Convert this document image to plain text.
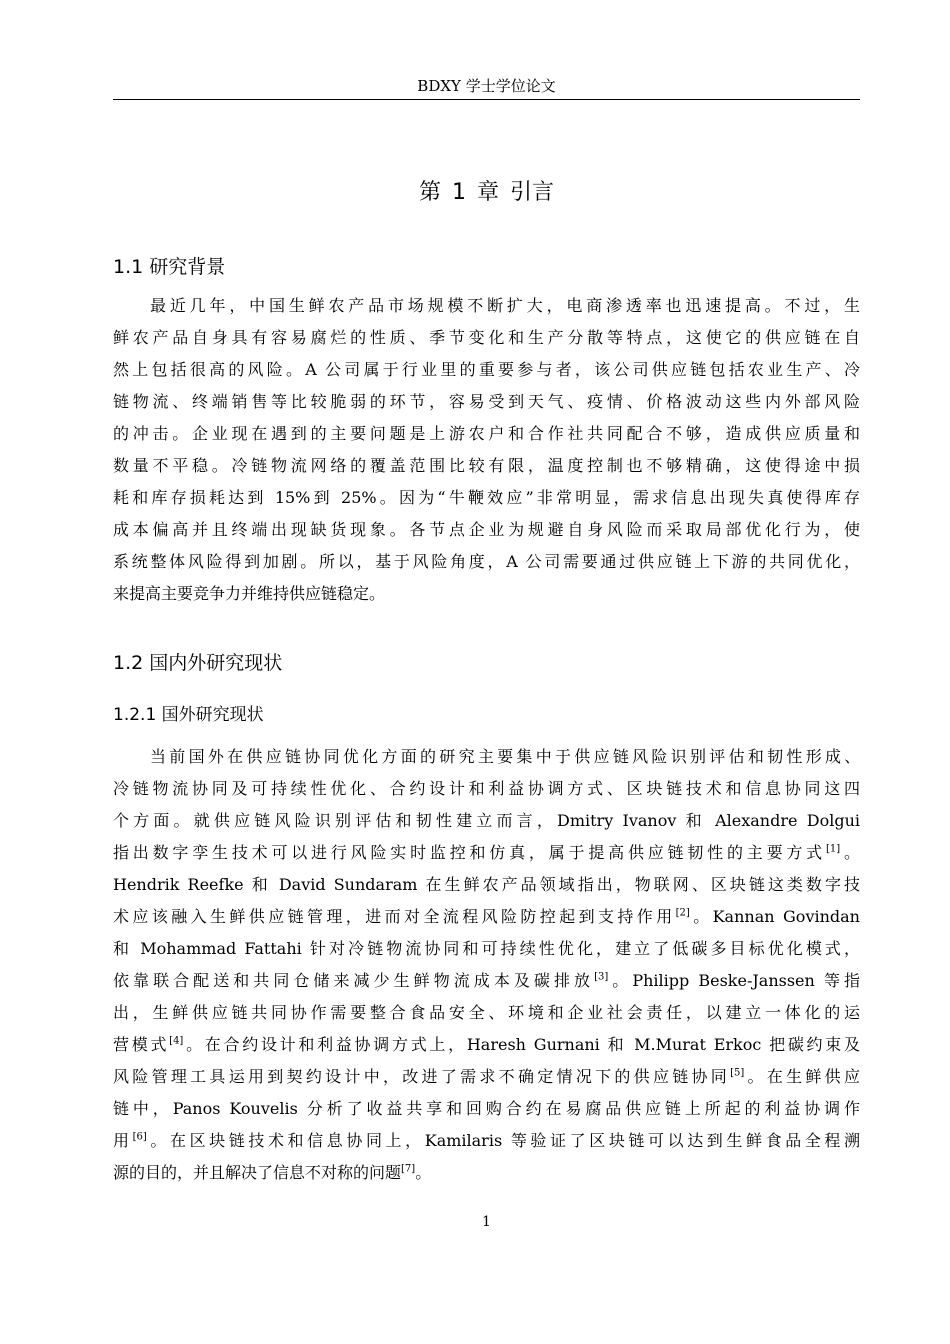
BDXY 学士学位论文
第 1 章 引言
1.1 研究背景
最近几年，中国生鲜农产品市场规模不断扩大，电商渗透率也迅速提高。不过，生
鲜农产品自身具有容易腐烂的性质、季节变化和生产分散等特点，这使它的供应链在自
然上包括很高的风险。A 公司属于行业里的重要参与者，该公司供应链包括农业生产、冷
链物流、终端销售等比较脆弱的环节，容易受到天气、疫情、价格波动这些内外部风险
的冲击。企业现在遇到的主要问题是上游农户和合作社共同配合不够，造成供应质量和
数量不平稳。冷链物流网络的覆盖范围比较有限，温度控制也不够精确，这使得途中损
耗和库存损耗达到 15%到 25%。因为“牛鞭效应”非常明显，需求信息出现失真使得库存
成本偏高并且终端出现缺货现象。各节点企业为规避自身风险而采取局部优化行为，使
系统整体风险得到加剧。所以，基于风险角度，A 公司需要通过供应链上下游的共同优化，
来提高主要竞争力并维持供应链稳定。
1.2 国内外研究现状
1.2.1 国外研究现状
当前国外在供应链协同优化方面的研究主要集中于供应链风险识别评估和韧性形成、
冷链物流协同及可持续性优化、合约设计和利益协调方式、区块链技术和信息协同这四
个方面。就供应链风险识别评估和韧性建立而言，Dmitry Ivanov 和 Alexandre Dolgui
指出数字孪生技术可以进行风险实时监控和仿真，属于提高供应链韧性的主要方式[1]。
Hendrik Reefke 和 David Sundaram 在生鲜农产品领域指出，物联网、区块链这类数字技
术应该融入生鲜供应链管理，进而对全流程风险防控起到支持作用[2]。Kannan Govindan
和 Mohammad Fattahi 针对冷链物流协同和可持续性优化，建立了低碳多目标优化模式，
依靠联合配送和共同仓储来减少生鲜物流成本及碳排放[3]。Philipp Beske-Janssen 等指
出，生鲜供应链共同协作需要整合食品安全、环境和企业社会责任，以建立一体化的运
营模式[4]。在合约设计和利益协调方式上，Haresh Gurnani 和 M.Murat Erkoc 把碳约束及
风险管理工具运用到契约设计中，改进了需求不确定情况下的供应链协同[5]。在生鲜供应
链中，Panos Kouvelis 分析了收益共享和回购合约在易腐品供应链上所起的利益协调作
用[6]。在区块链技术和信息协同上，Kamilaris 等验证了区块链可以达到生鲜食品全程溯
源的目的，并且解决了信息不对称的问题[7]。
1
